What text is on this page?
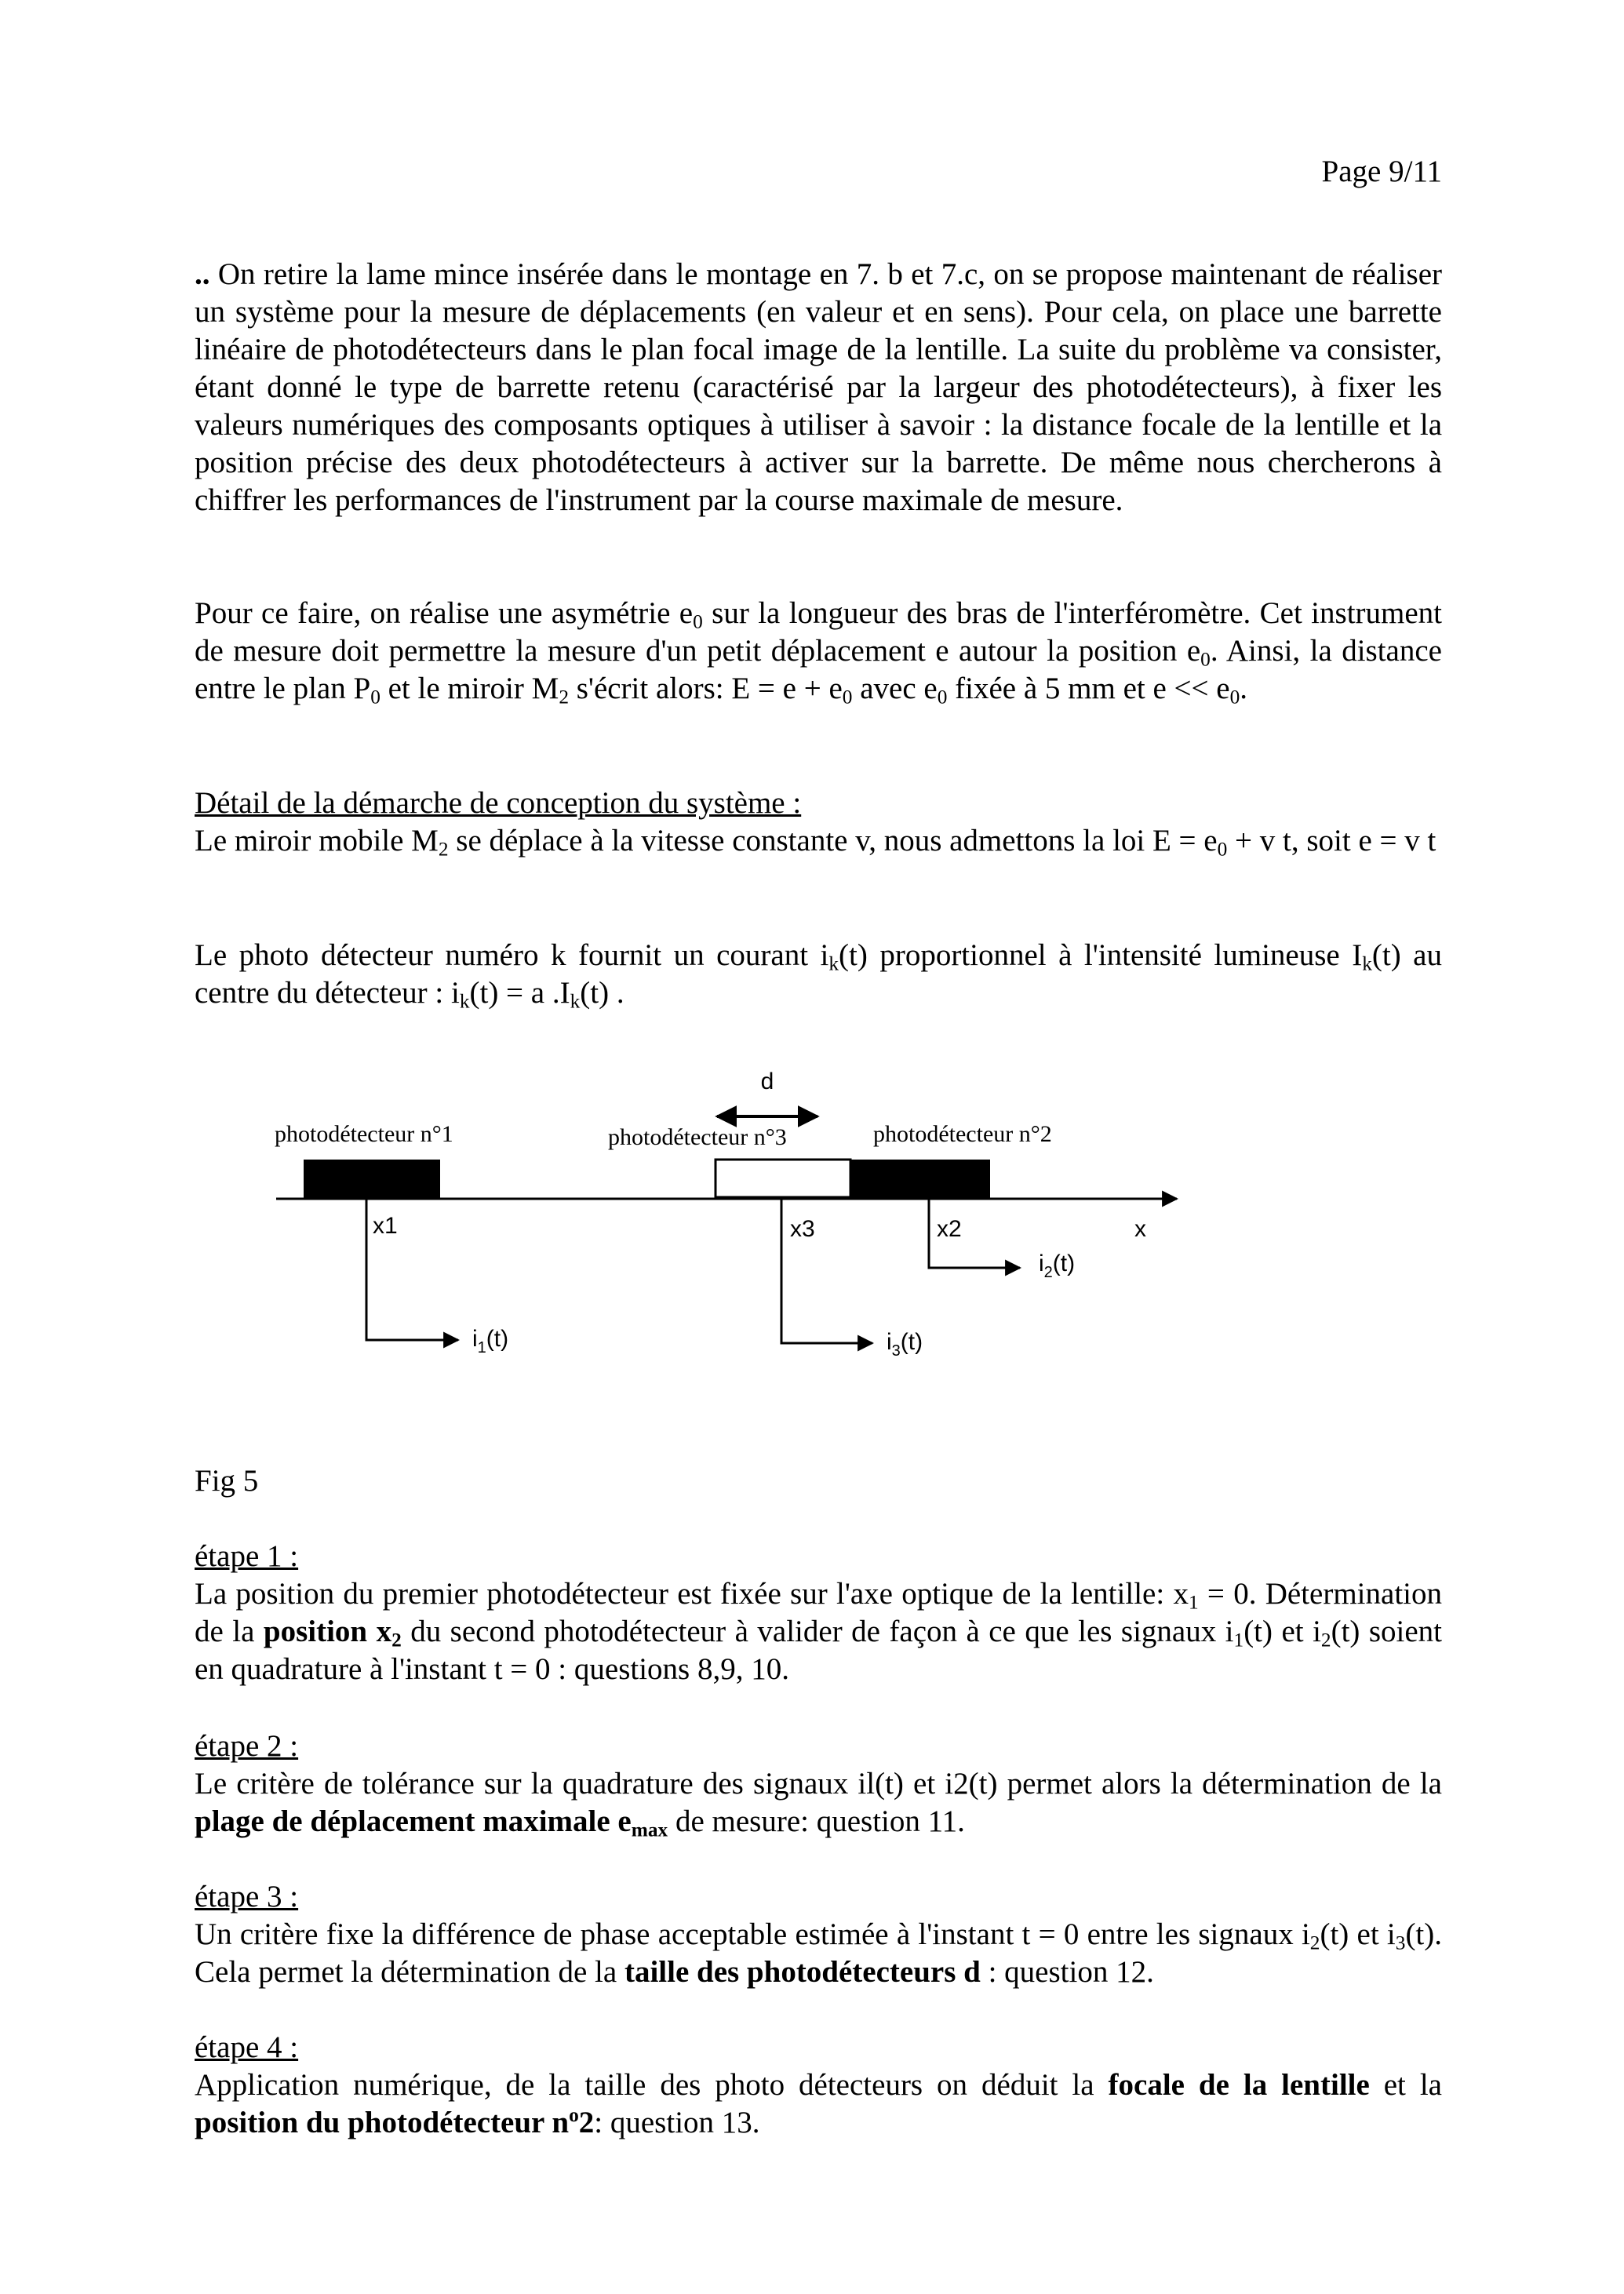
Page 9/11

.. On retire la lame mince insérée dans le montage en 7. b et 7.c, on se propose maintenant de réaliser un système pour la mesure de déplacements (en valeur et en sens). Pour cela, on place une barrette linéaire de photodétecteurs dans le plan focal image de la lentille. La suite du problème va consister, étant donné le type de barrette retenu (caractérisé par la largeur des photodétecteurs), à fixer les valeurs numériques des composants optiques à utiliser à savoir : la distance focale de la lentille et la position précise des deux photodétecteurs à activer sur la barrette. De même nous chercherons à chiffrer les performances de l'instrument par la course maximale de mesure.

Pour ce faire, on réalise une asymétrie $e_0$ sur la longueur des bras de l'interféromètre. Cet instrument de mesure doit permettre la mesure d'un petit déplacement e autour la position $e_0$. Ainsi, la distance entre le plan $P_0$ et le miroir $M_2$ s'écrit alors: $E = e + e_0$ avec $e_0$ fixée à 5 mm et $e << e_0$.

Détail de la démarche de conception du système :
Le miroir mobile $M_2$ se déplace à la vitesse constante v, nous admettons la loi $E = e_0 + v$ t, soit e = v t

Le photo détecteur numéro k fournit un courant $i_k(t)$ proportionnel à l'intensité lumineuse $I_k(t)$ au centre du détecteur : $i_k(t) = a$ $.I_k(t)$ .

d
photodétecteur n°1	photodétecteur n°3	photodétecteur n°2
x1	x3	x2	x
$i_1(t)$	$i_3(t)$
$i_2(t)$

Fig 5

étape 1 :
La position du premier photodétecteur est fixée sur l'axe optique de la lentille: $x_1 = 0$. Détermination de la position $x_2$ du second photodétecteur à valider de façon à ce que les signaux $i_1(t)$ et $i_2(t)$ soient en quadrature à l'instant t = 0 : questions 8,9, 10.

étape 2 :
Le critère de tolérance sur la quadrature des signaux il(t) et i2(t) permet alors la détermination de la plage de déplacement maximale $e_{max}$ de mesure: question 11.

étape 3 :
Un critère fixe la différence de phase acceptable estimée à l'instant t = 0 entre les signaux $i_2(t)$ et $i_3(t)$. Cela permet la détermination de la taille des photodétecteurs d : question 12.

étape 4 :
Application numérique, de la taille des photo détecteurs on déduit la focale de la lentille et la position du photodétecteur $n^o2$: question 13.
